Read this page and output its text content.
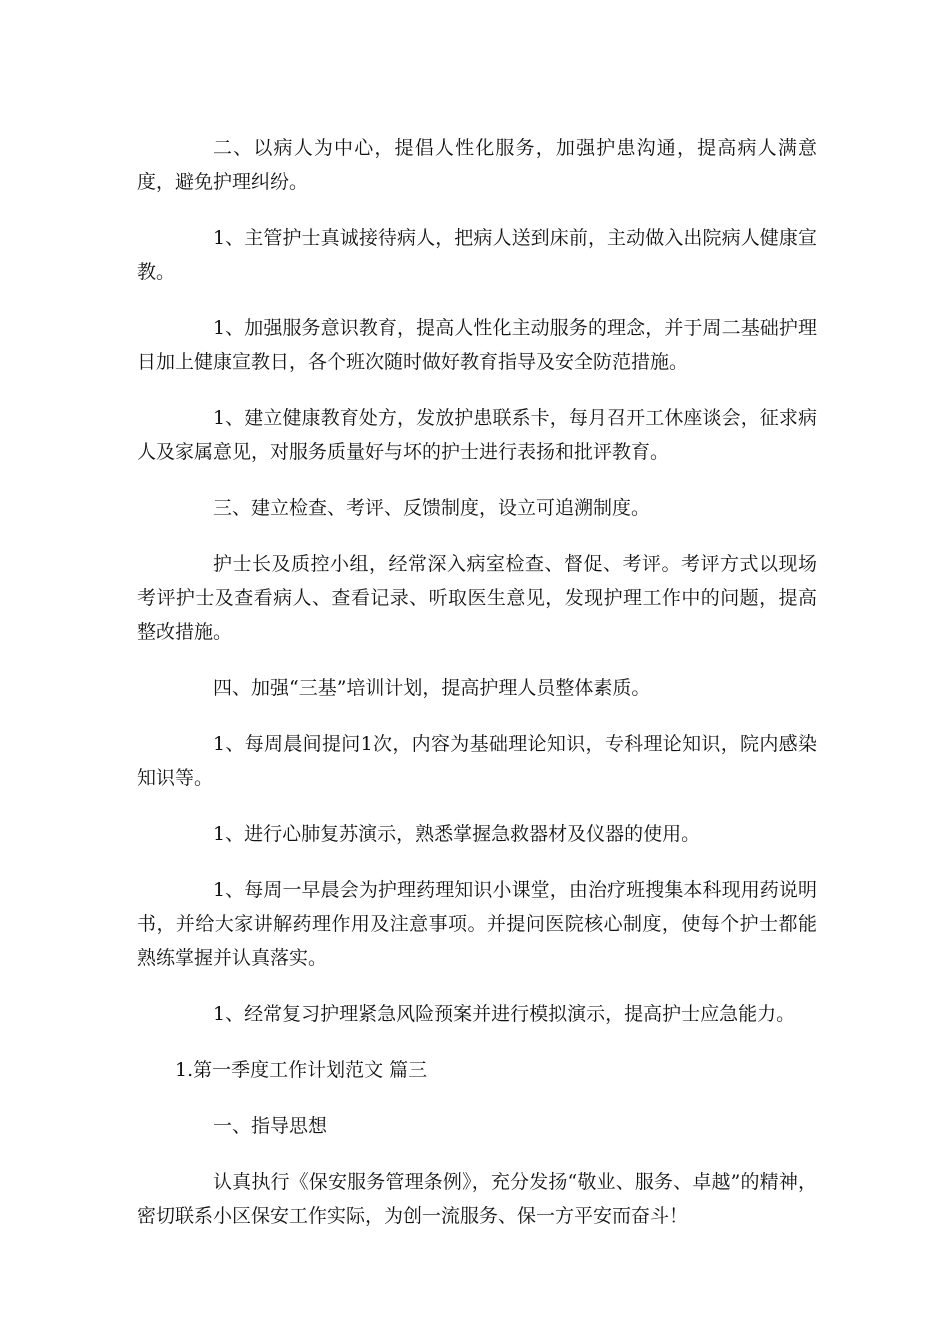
二、以病人为中心，提倡人性化服务，加强护患沟通，提高病人满意度，避免护理纠纷。

1、主管护士真诚接待病人，把病人送到床前，主动做入出院病人健康宣教。

1、加强服务意识教育，提高人性化主动服务的理念，并于周二基础护理日加上健康宣教日，各个班次随时做好教育指导及安全防范措施。

1、建立健康教育处方，发放护患联系卡，每月召开工休座谈会，征求病人及家属意见，对服务质量好与坏的护士进行表扬和批评教育。

三、建立检查、考评、反馈制度，设立可追溯制度。

护士长及质控小组，经常深入病室检查、督促、考评。考评方式以现场考评护士及查看病人、查看记录、听取医生意见，发现护理工作中的问题，提高整改措施。

四、加强“三基”培训计划，提高护理人员整体素质。

1、每周晨间提问1次，内容为基础理论知识，专科理论知识，院内感染知识等。

1、进行心肺复苏演示，熟悉掌握急救器材及仪器的使用。

1、每周一早晨会为护理药理知识小课堂，由治疗班搜集本科现用药说明书，并给大家讲解药理作用及注意事项。并提问医院核心制度，使每个护士都能熟练掌握并认真落实。

1、经常复习护理紧急风险预案并进行模拟演示，提高护士应急能力。

1.第一季度工作计划范文 篇三

一、指导思想

认真执行《保安服务管理条例》，充分发扬“敬业、服务、卓越”的精神，密切联系小区保安工作实际，为创一流服务、保一方平安而奋斗！
